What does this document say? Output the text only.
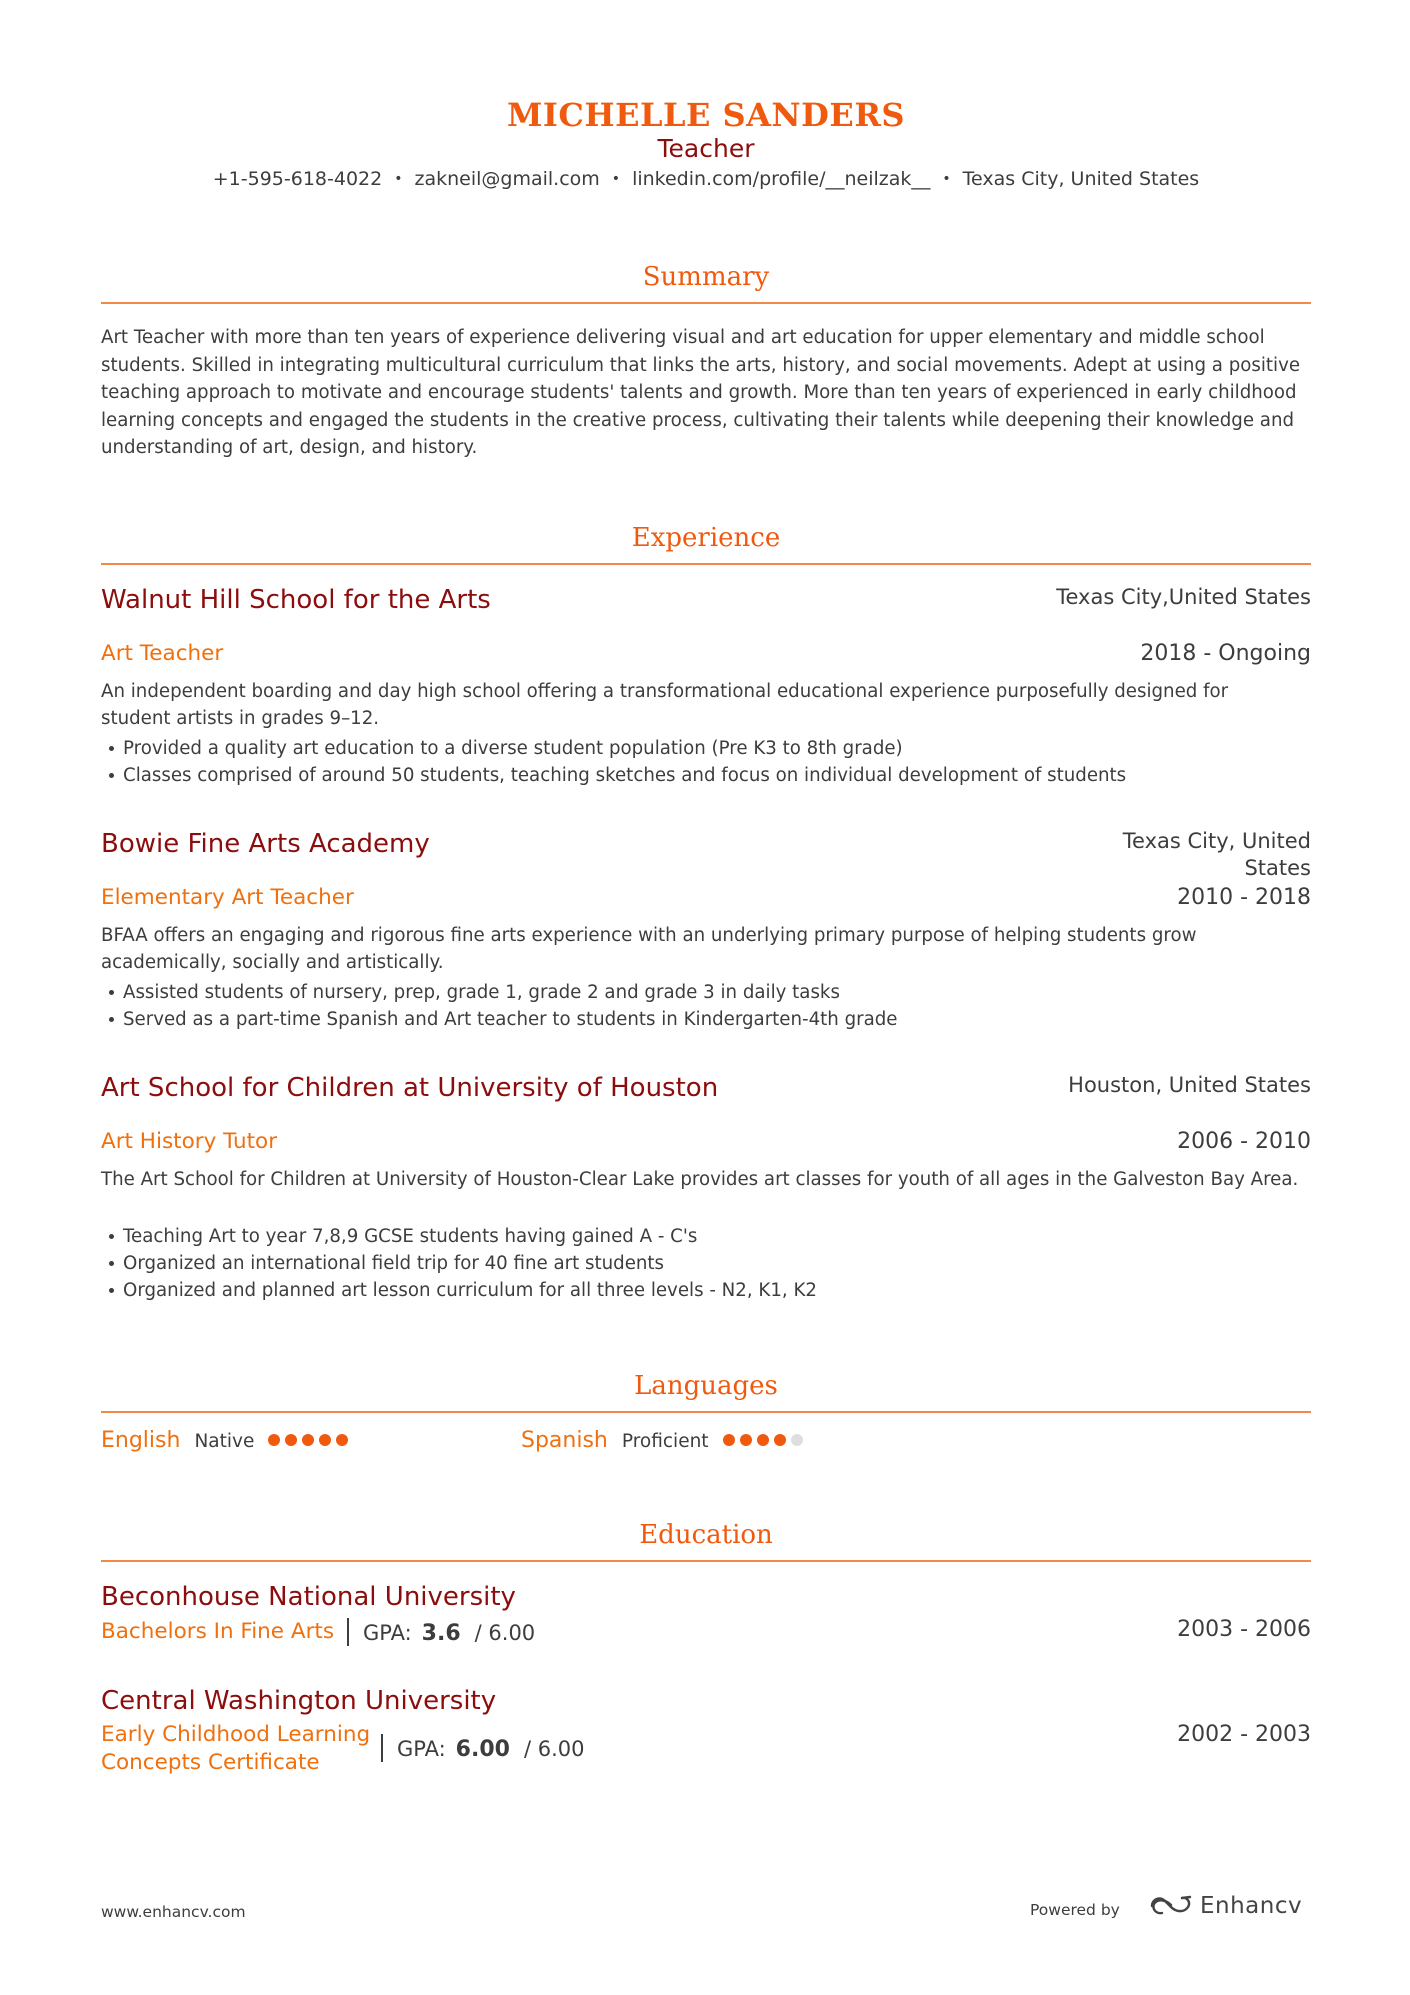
MICHELLE SANDERS
Teacher
+1-595-618-4022 • zakneil@gmail.com • linkedin.com/profile/__neilzak__ • Texas City, United States
Summary
Art Teacher with more than ten years of experience delivering visual and art education for upper elementary and middle school students. Skilled in integrating multicultural curriculum that links the arts, history, and social movements. Adept at using a positive teaching approach to motivate and encourage students' talents and growth. More than ten years of experienced in early childhood learning concepts and engaged the students in the creative process, cultivating their talents while deepening their knowledge and understanding of art, design, and history.
Experience
Walnut Hill School for the Arts	Texas City,United States
Art Teacher	2018 - Ongoing
An independent boarding and day high school offering a transformational educational experience purposefully designed for student artists in grades 9–12.
Provided a quality art education to a diverse student population (Pre K3 to 8th grade)
Classes comprised of around 50 students, teaching sketches and focus on individual development of students
Bowie Fine Arts Academy	Texas City, United States
Elementary Art Teacher	2010 - 2018
BFAA offers an engaging and rigorous fine arts experience with an underlying primary purpose of helping students grow academically, socially and artistically.
Assisted students of nursery, prep, grade 1, grade 2 and grade 3 in daily tasks
Served as a part-time Spanish and Art teacher to students in Kindergarten-4th grade
Art School for Children at University of Houston	Houston, United States
Art History Tutor	2006 - 2010
The Art School for Children at University of Houston-Clear Lake provides art classes for youth of all ages in the Galveston Bay Area.
Teaching Art to year 7,8,9 GCSE students having gained A - C's
Organized an international field trip for 40 fine art students
Organized and planned art lesson curriculum for all three levels - N2, K1, K2
Languages
English Native	Spanish Proficient
Education
Beconhouse National University
Bachelors In Fine Arts	GPA: 3.6 / 6.00	2003 - 2006
Central Washington University
Early Childhood Learning Concepts Certificate
GPA: 6.00 / 6.00
2002 - 2003
www.enhancv.com	Powered by	Enhancv
